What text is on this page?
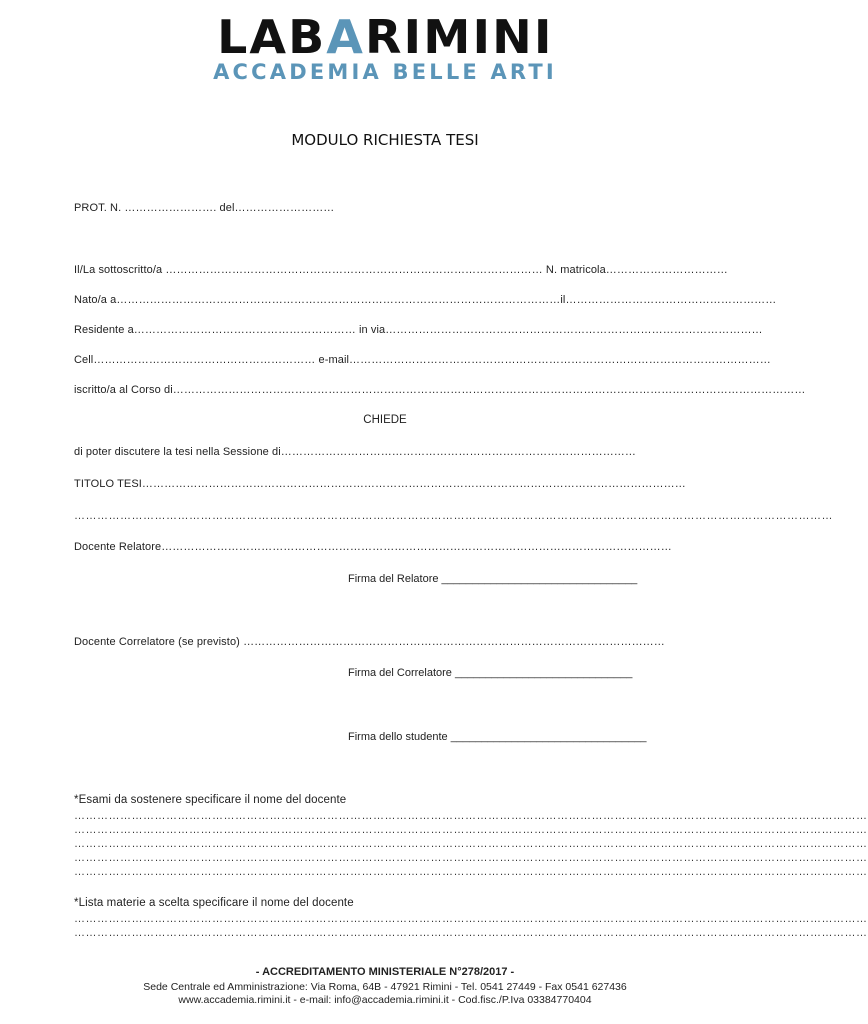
LABARIMINI
ACCADEMIA BELLE ARTI
MODULO RICHIESTA TESI
PROT. N. ……………………. del………………………
Il/La sottoscritto/a ………………………………………………………………………………………… N. matricola……………………………
Nato/a a…………………………………………………………………………………………………………il…………………………………………………
Residente a…………………………………………………… in via…………………………………………………………………………………………
Cell…………………………………………………… e-mail……………………………………………………………………………………………………
iscritto/a al Corso di………………………………………………………………………………………………………………………………………………………
CHIEDE
di poter discutere la tesi nella Sessione di……………………………………………………………………………………
TITOLO TESI…………………………………………………………………………………………………………………………………
………………………………………………………………………………………………………………………………………………………………………………
Docente Relatore…………………………………………………………………………………………………………………………
Firma del Relatore ________________________________
Docente Correlatore (se previsto) ……………………………………………………………………………………………………
Firma del Correlatore _____________________________
Firma dello studente ________________________________
*Esami da sostenere specificare il nome del docente
………………………………………………………………………………………………………………………………………………………………………………………
………………………………………………………………………………………………………………………………………………………………………………………
………………………………………………………………………………………………………………………………………………………………………………………
………………………………………………………………………………………………………………………………………………………………………………………
………………………………………………………………………………………………………………………………………………………………………………………
*Lista materie a scelta specificare il nome del docente
………………………………………………………………………………………………………………………………………………………………………………………
………………………………………………………………………………………………………………………………………………………………………………………
- ACCREDITAMENTO MINISTERIALE N°278/2017 -
Sede Centrale ed Amministrazione: Via Roma, 64B - 47921 Rimini - Tel. 0541 27449 - Fax 0541 627436
www.accademia.rimini.it - e-mail: info@accademia.rimini.it - Cod.fisc./P.Iva 03384770404
